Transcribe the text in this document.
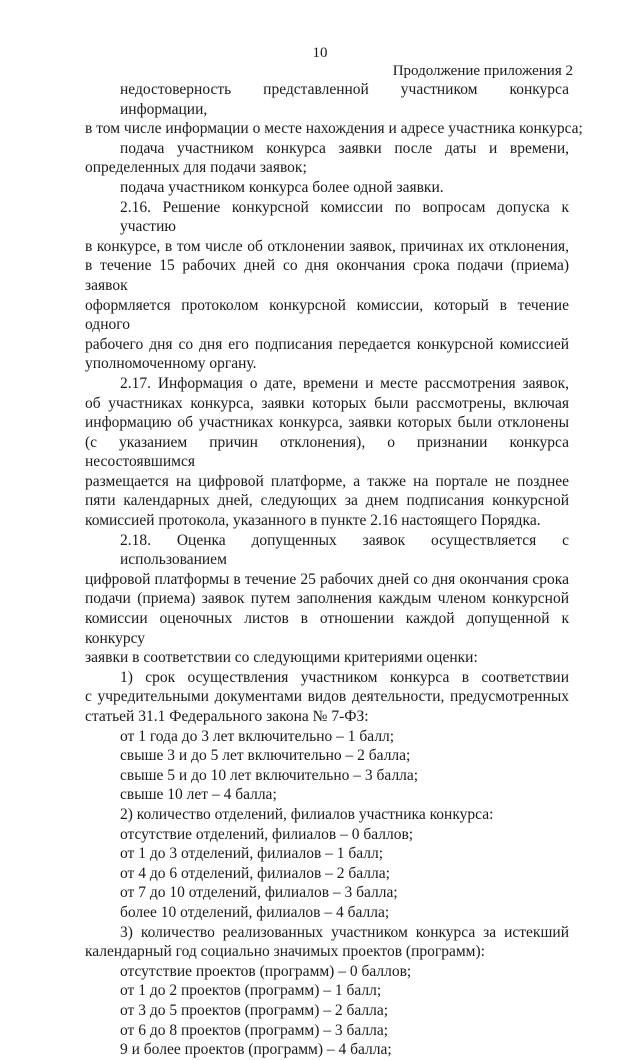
10
Продолжение приложения 2
недостоверность представленной участником конкурса информации,
в том числе информации о месте нахождения и адресе участника конкурса;
подача участником конкурса заявки после даты и времени,
определенных для подачи заявок;
подача участником конкурса более одной заявки.
2.16. Решение конкурсной комиссии по вопросам допуска к участию
в конкурсе, в том числе об отклонении заявок, причинах их отклонения,
в течение 15 рабочих дней со дня окончания срока подачи (приема) заявок
оформляется протоколом конкурсной комиссии, который в течение одного
рабочего дня со дня его подписания передается конкурсной комиссией
уполномоченному органу.
2.17. Информация о дате, времени и месте рассмотрения заявок,
об участниках конкурса, заявки которых были рассмотрены, включая
информацию об участниках конкурса, заявки которых были отклонены
(с указанием причин отклонения), о признании конкурса несостоявшимся
размещается на цифровой платформе, а также на портале не позднее
пяти календарных дней, следующих за днем подписания конкурсной
комиссией протокола, указанного в пункте 2.16 настоящего Порядка.
2.18. Оценка допущенных заявок осуществляется с использованием
цифровой платформы в течение 25 рабочих дней со дня окончания срока
подачи (приема) заявок путем заполнения каждым членом конкурсной
комиссии оценочных листов в отношении каждой допущенной к конкурсу
заявки в соответствии со следующими критериями оценки:
1) срок осуществления участником конкурса в соответствии
с учредительными документами видов деятельности, предусмотренных
статьей 31.1 Федерального закона № 7-ФЗ:
от 1 года до 3 лет включительно – 1 балл;
свыше 3 и до 5 лет включительно – 2 балла;
свыше 5 и до 10 лет включительно – 3 балла;
свыше 10 лет – 4 балла;
2) количество отделений, филиалов участника конкурса:
отсутствие отделений, филиалов – 0 баллов;
от 1 до 3 отделений, филиалов – 1 балл;
от 4 до 6 отделений, филиалов – 2 балла;
от 7 до 10 отделений, филиалов – 3 балла;
более 10 отделений, филиалов – 4 балла;
3) количество реализованных участником конкурса за истекший
календарный год социально значимых проектов (программ):
отсутствие проектов (программ) – 0 баллов;
от 1 до 2 проектов (программ) – 1 балл;
от 3 до 5 проектов (программ) – 2 балла;
от 6 до 8 проектов (программ) – 3 балла;
9 и более проектов (программ) – 4 балла;
